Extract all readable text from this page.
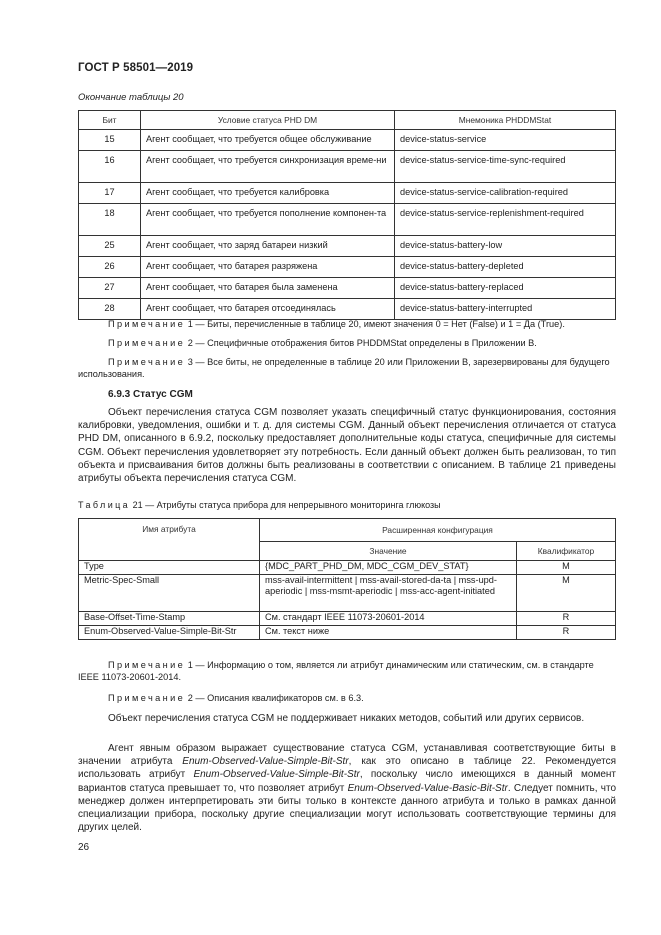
ГОСТ Р 58501—2019
Окончание таблицы 20
Бит	Условие статуса PHD DM	Мнемоника PHDDMStat
15	Агент сообщает, что требуется общее обслуживание	device-status-service
16	Агент сообщает, что требуется синхронизация време-ни	device-status-service-time-sync-required
17	Агент сообщает, что требуется калибровка	device-status-service-calibration-required
18	Агент сообщает, что требуется пополнение компонен-та	device-status-service-replenishment-required
25	Агент сообщает, что заряд батареи низкий	device-status-battery-low
26	Агент сообщает, что батарея разряжена	device-status-battery-depleted
27	Агент сообщает, что батарея была заменена	device-status-battery-replaced
28	Агент сообщает, что батарея отсоединялась	device-status-battery-interrupted
Примечание 1 — Биты, перечисленные в таблице 20, имеют значения 0 = Нет (False) и 1 = Да (True).
Примечание 2 — Специфичные отображения битов PHDDMStat определены в Приложении B.
Примечание 3 — Все биты, не определенные в таблице 20 или Приложении B, зарезервированы для будущего использования.
6.9.3 Статус CGM
Объект перечисления статуса CGM позволяет указать специфичный статус функционирования, состояния калибровки, уведомления, ошибки и т. д. для системы CGM. Данный объект перечисления отличается от статуса PHD DM, описанного в 6.9.2, поскольку предоставляет дополнительные коды статуса, специфичные для системы CGM. Объект перечисления удовлетворяет эту потребность. Если данный объект должен быть реализован, то тип объекта и присваивания битов должны быть реализованы в соответствии с описанием. В таблице 21 приведены атрибуты объекта перечисления статуса CGM.
Таблица 21 — Атрибуты статуса прибора для непрерывного мониторинга глюкозы
Имя атрибута	Расширенная конфигурация	
	Значение	Квалификатор
Type	{MDC_PART_PHD_DM, MDC_CGM_DEV_STAT}	M
Metric-Spec-Small	mss-avail-intermittent | mss-avail-stored-da-ta | mss-upd-aperiodic | mss-msmt-aperiodic | mss-acc-agent-initiated	M
Base-Offset-Time-Stamp	См. стандарт IEEE 11073-20601-2014	R
Enum-Observed-Value-Simple-Bit-Str	См. текст ниже	R
Примечание 1 — Информацию о том, является ли атрибут динамическим или статическим, см. в стандарте IEEE 11073-20601-2014.
Примечание 2 — Описания квалификаторов см. в 6.3.
Объект перечисления статуса CGM не поддерживает никаких методов, событий или других сервисов.
Агент явным образом выражает существование статуса CGM, устанавливая соответствующие биты в значении атрибута Enum-Observed-Value-Simple-Bit-Str, как это описано в таблице 22. Рекомендуется использовать атрибут Enum-Observed-Value-Simple-Bit-Str, поскольку число имеющихся в данный момент вариантов статуса превышает то, что позволяет атрибут Enum-Observed-Value-Basic-Bit-Str. Следует помнить, что менеджер должен интерпретировать эти биты только в контексте данного атрибута и только в рамках данной специализации прибора, поскольку другие специализации могут использовать соответствующие термины для других целей.
26
